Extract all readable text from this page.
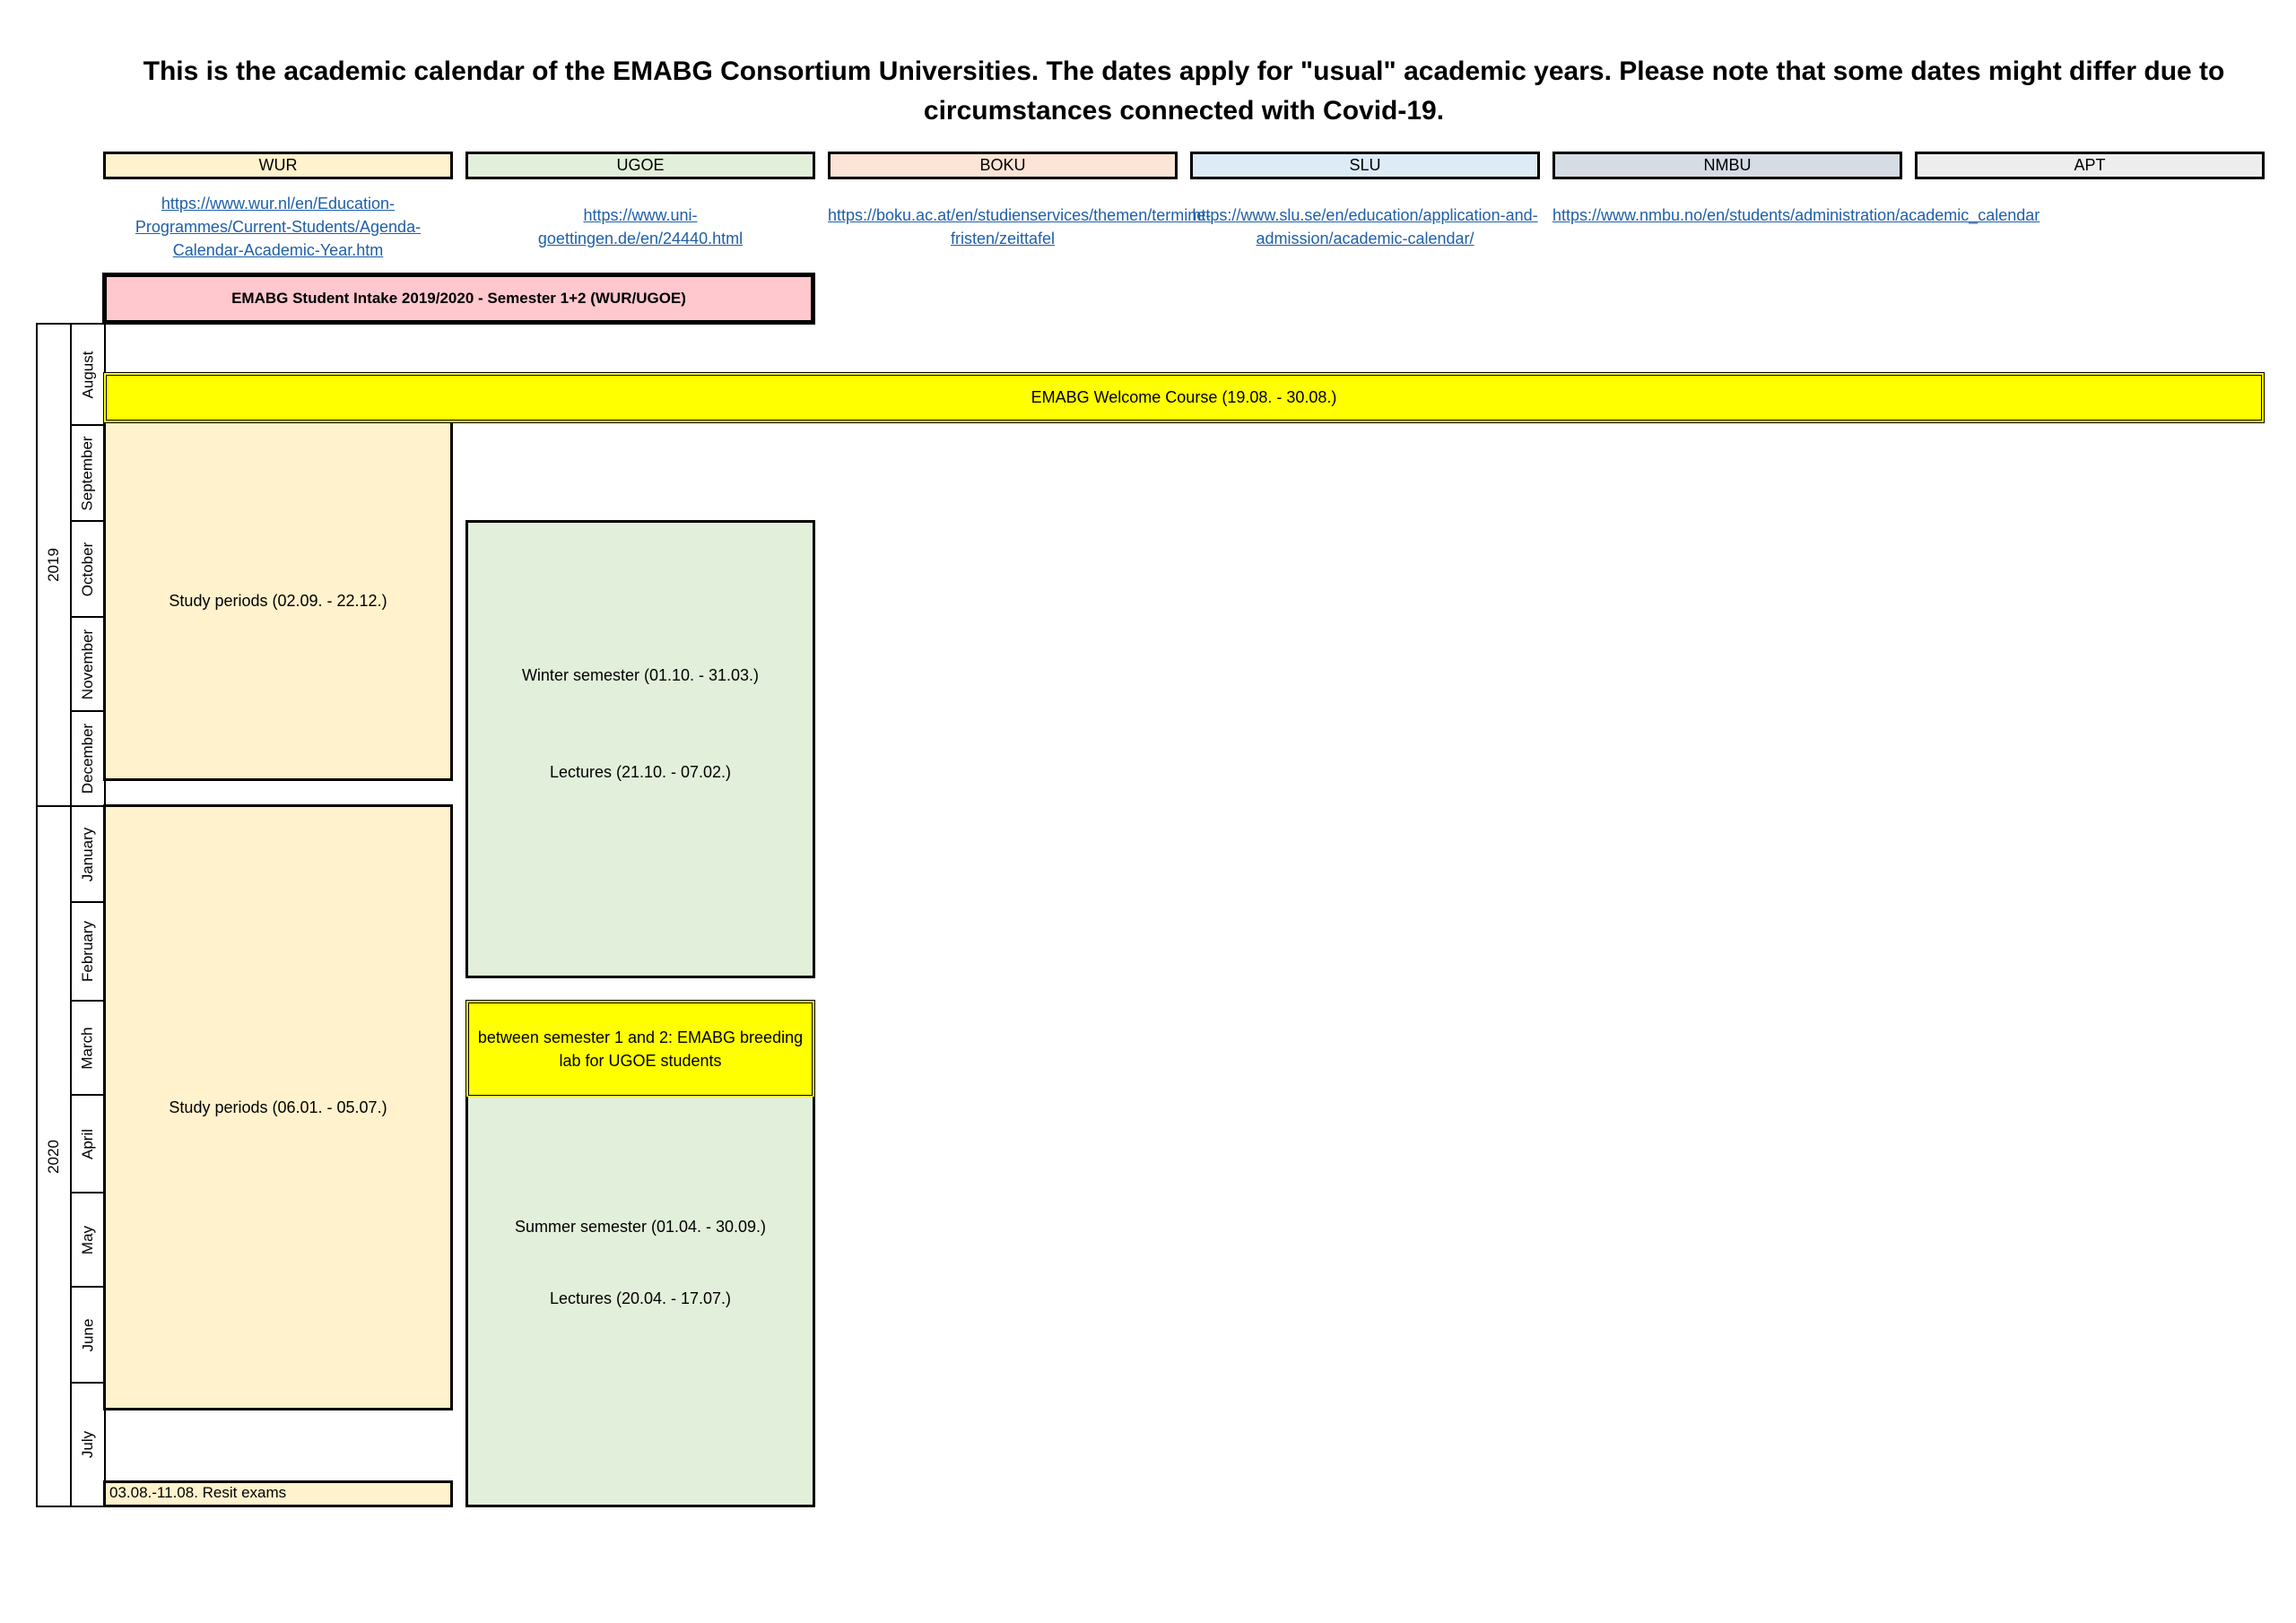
This is the academic calendar of the EMABG Consortium Universities. The dates apply for "usual" academic years. Please note that some dates might differ due to circumstances connected with Covid-19.
WUR	UGOE	BOKU	SLU	NMBU	APT
https://www.wur.nl/en/Education-Programmes/Current-Students/Agenda-Calendar-Academic-Year.htm
https://www.uni-goettingen.de/en/24440.html
https://boku.ac.at/en/studienservices/themen/termine-fristen/zeittafel
https://www.slu.se/en/education/application-and-admission/academic-calendar/
https://www.nmbu.no/en/students/administration/academic_calendar
EMABG Student Intake 2019/2020 - Semester 1+2 (WUR/UGOE)
2019
2020
August
September
October
November
December
January
February
March
April
May
June
July
EMABG Welcome Course (19.08. - 30.08.)
Study periods (02.09. - 22.12.)
Study periods (06.01. - 05.07.)
03.08.-11.08. Resit exams
Winter semester (01.10. - 31.03.)
Lectures (21.10. - 07.02.)
between semester 1 and 2: EMABG breeding lab for UGOE students
Summer semester (01.04. - 30.09.)
Lectures (20.04. - 17.07.)
